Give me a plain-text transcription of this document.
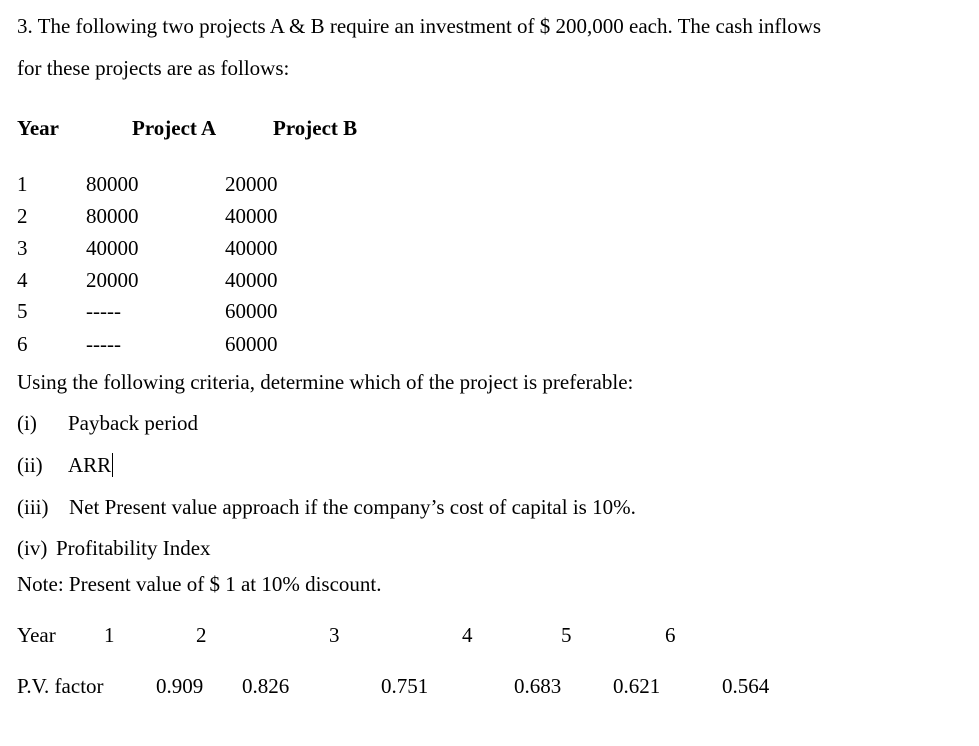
3. The following two projects A & B require an investment of $ 200,000 each. The cash inflows
for these projects are as follows:
Year	Project A	Project B
1	80000	20000
2	80000	40000
3	40000	40000
4	20000	40000
5	-----	60000
6	-----	60000
Using the following criteria, determine which of the project is preferable:
(i) Payback period
(ii) ARR
(iii) Net Present value approach if the company’s cost of capital is 10%.
(iv) Profitability Index
Note: Present value of $ 1 at 10% discount.
Year 1	2	3	4	5	6
P.V. factor 0.909 0.826	0.751	0.683 0.621	0.564
